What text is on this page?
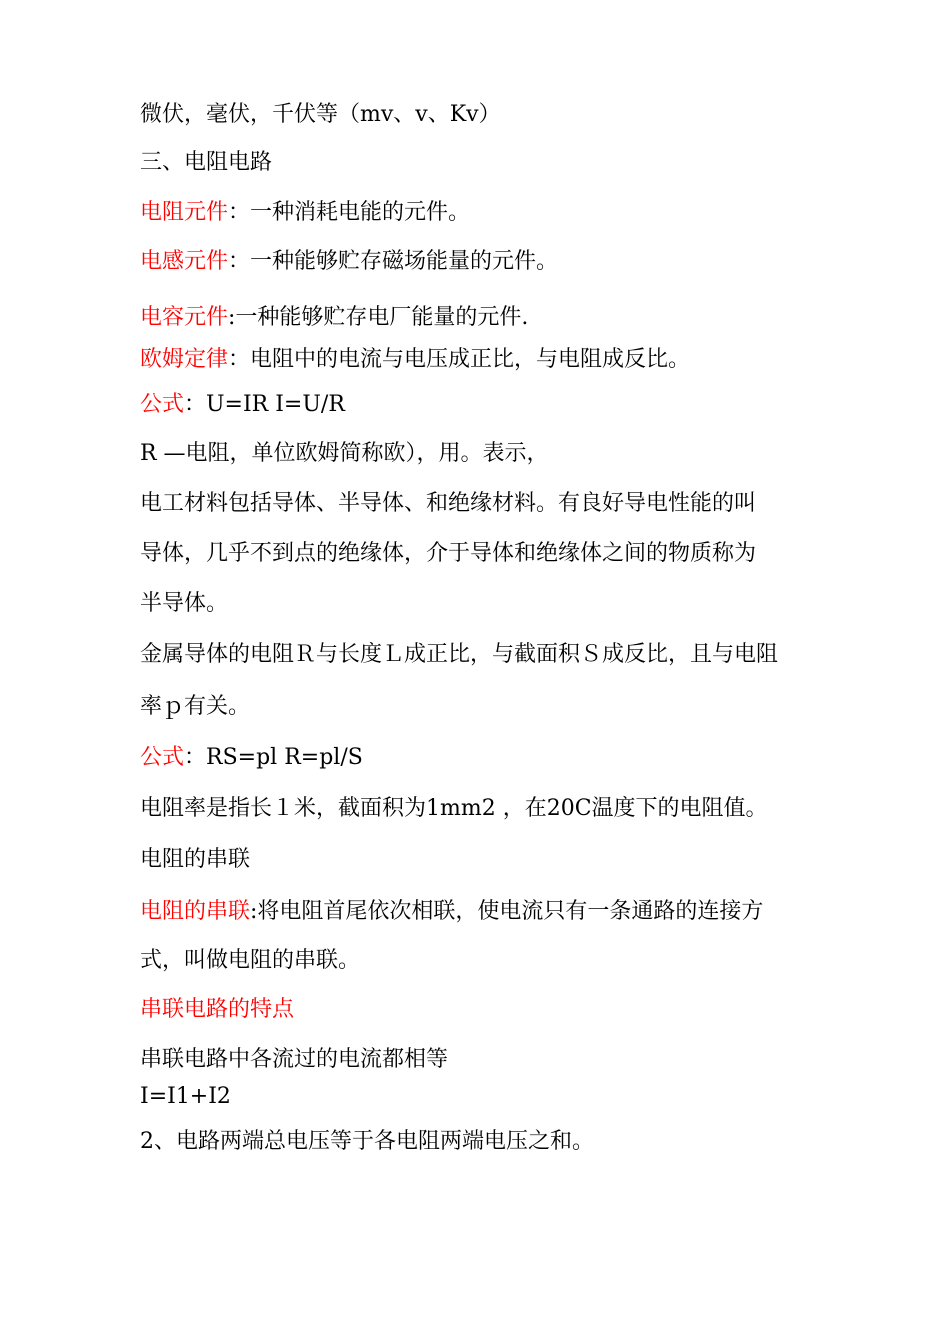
微伏，毫伏，千伏等（mv、v、Kv）
三、电阻电路
电阻元件：一种消耗电能的元件。
电感元件：一种能够贮存磁场能量的元件。
电容元件:一种能够贮存电厂能量的元件.
欧姆定律：电阻中的电流与电压成正比，与电阻成反比。
公式：U=IR I=U/R
R —电阻，单位欧姆简称欧），用。表示，
电工材料包括导体、半导体、和绝缘材料。有良好导电性能的叫
导体，几乎不到点的绝缘体，介于导体和绝缘体之间的物质称为
半导体。
金属导体的电阻Ｒ与长度Ｌ成正比，与截面积Ｓ成反比，且与电阻
率ｐ有关。
公式：RS=pl R=pl/S
电阻率是指长１米，截面积为1mm2 ，在20C温度下的电阻值。
电阻的串联
电阻的串联:将电阻首尾依次相联，使电流只有一条通路的连接方
式，叫做电阻的串联。
串联电路的特点
串联电路中各流过的电流都相等
I=I1+I2
2、电路两端总电压等于各电阻两端电压之和。
